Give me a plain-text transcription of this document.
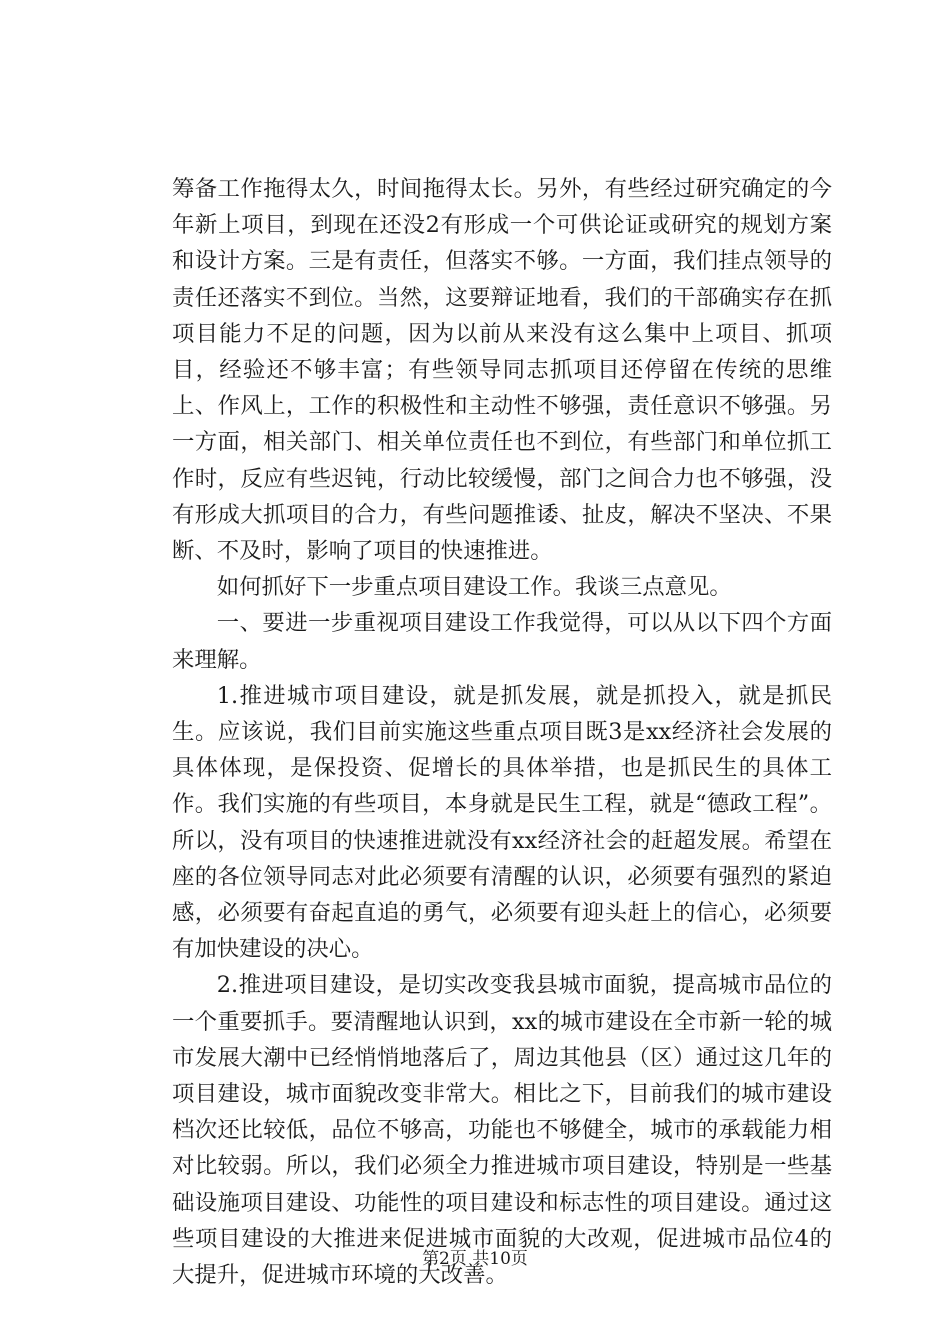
筹备工作拖得太久，时间拖得太长。另外，有些经过研究确定的今年新上项目，到现在还没2有形成一个可供论证或研究的规划方案和设计方案。三是有责任，但落实不够。一方面，我们挂点领导的责任还落实不到位。当然，这要辩证地看，我们的干部确实存在抓项目能力不足的问题，因为以前从来没有这么集中上项目、抓项目，经验还不够丰富；有些领导同志抓项目还停留在传统的思维上、作风上，工作的积极性和主动性不够强，责任意识不够强。另一方面，相关部门、相关单位责任也不到位，有些部门和单位抓工作时，反应有些迟钝，行动比较缓慢，部门之间合力也不够强，没有形成大抓项目的合力，有些问题推诿、扯皮，解决不坚决、不果断、不及时，影响了项目的快速推进。

如何抓好下一步重点项目建设工作。我谈三点意见。

一、要进一步重视项目建设工作我觉得，可以从以下四个方面来理解。

1.推进城市项目建设，就是抓发展，就是抓投入，就是抓民生。应该说，我们目前实施这些重点项目既3是xx经济社会发展的具体体现，是保投资、促增长的具体举措，也是抓民生的具体工作。我们实施的有些项目，本身就是民生工程，就是“德政工程”。所以，没有项目的快速推进就没有xx经济社会的赶超发展。希望在座的各位领导同志对此必须要有清醒的认识，必须要有强烈的紧迫感，必须要有奋起直追的勇气，必须要有迎头赶上的信心，必须要有加快建设的决心。

2.推进项目建设，是切实改变我县城市面貌，提高城市品位的一个重要抓手。要清醒地认识到，xx的城市建设在全市新一轮的城市发展大潮中已经悄悄地落后了，周边其他县（区）通过这几年的项目建设，城市面貌改变非常大。相比之下，目前我们的城市建设档次还比较低，品位不够高，功能也不够健全，城市的承载能力相对比较弱。所以，我们必须全力推进城市项目建设，特别是一些基础设施项目建设、功能性的项目建设和标志性的项目建设。通过这些项目建设的大推进来促进城市面貌的大改观，促进城市品位4的大提升，促进城市环境的大改善。

第2页 共10页
